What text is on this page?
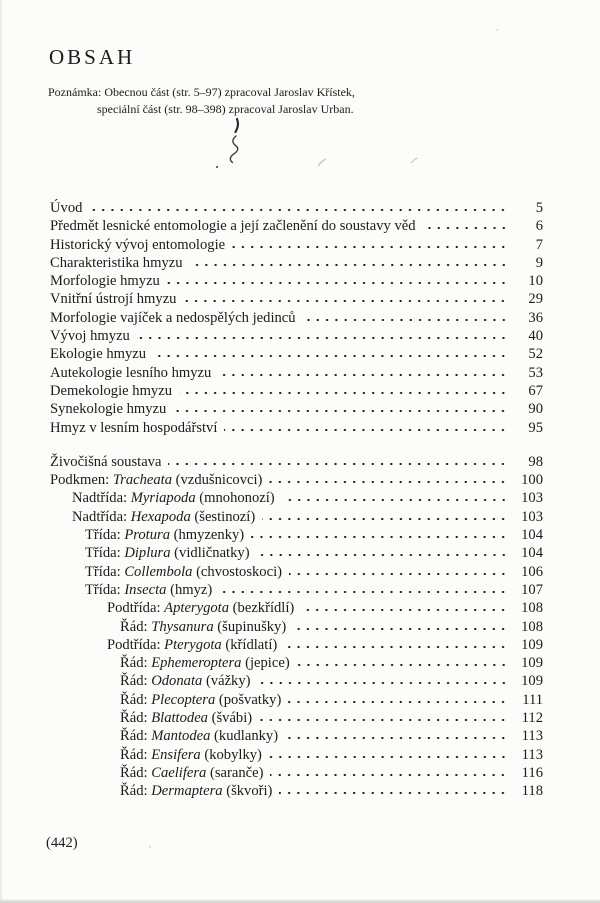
OBSAH
Poznámka: Obecnou část (str. 5–97) zpracoval Jaroslav Křístek,
speciální část (str. 98–398) zpracoval Jaroslav Urban.
Úvod	5
Předmět lesnické entomologie a její začlenění do soustavy věd	6
Historický vývoj entomologie	7
Charakteristika hmyzu	9
Morfologie hmyzu	10
Vnitřní ústrojí hmyzu	29
Morfologie vajíček a nedospělých jedinců	36
Vývoj hmyzu	40
Ekologie hmyzu	52
Autekologie lesního hmyzu	53
Demekologie hmyzu	67
Synekologie hmyzu	90
Hmyz v lesním hospodářství	95
Živočišná soustava	98
Podkmen: Tracheata (vzdušnicovci)	100
Nadtřída: Myriapoda (mnohonozí)	103
Nadtřída: Hexapoda (šestinozí)	103
Třída: Protura (hmyzenky)	104
Třída: Diplura (vidličnatky)	104
Třída: Collembola (chvostoskoci)	106
Třída: Insecta (hmyz)	107
Podtřída: Apterygota (bezkřídlí)	108
Řád: Thysanura (šupinušky)	108
Podtřída: Pterygota (křídlatí)	109
Řád: Ephemeroptera (jepice)	109
Řád: Odonata (vážky)	109
Řád: Plecoptera (pošvatky)	111
Řád: Blattodea (švábi)	112
Řád: Mantodea (kudlanky)	113
Řád: Ensifera (kobylky)	113
Řád: Caelifera (saranče)	116
Řád: Dermaptera (škvoři)	118
(442)
